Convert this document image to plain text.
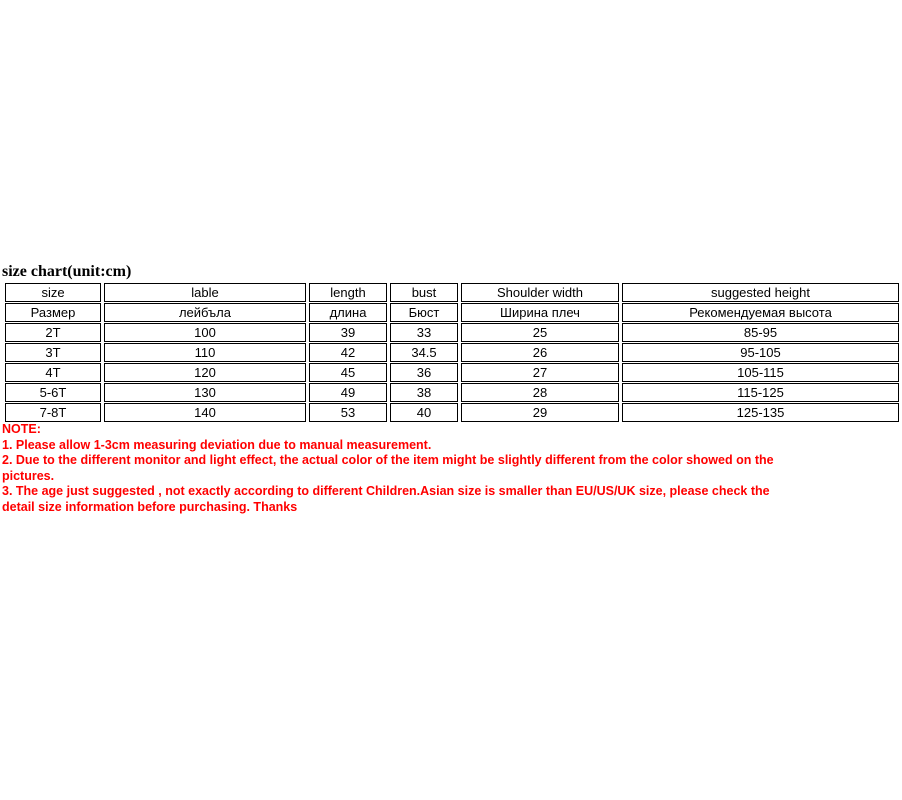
size chart(unit:cm)
size	lable	length	bust	Shoulder width	suggested height
Размер	лейбъла	длина	Бюст	Ширина плеч	Рекомендуемая высота
2T	100	39	33	25	85-95
3T	110	42	34.5	26	95-105
4T	120	45	36	27	105-115
5-6T	130	49	38	28	115-125
7-8T	140	53	40	29	125-135

NOTE:

1. Please allow 1-3cm measuring deviation due to manual measurement.

2. Due to the different monitor and light effect, the actual color of the item might be slightly different from the color showed on the pictures.

3. The age just suggested , not exactly according to different Children.Asian size is smaller than EU/US/UK size, please check the detail size information before purchasing. Thanks
